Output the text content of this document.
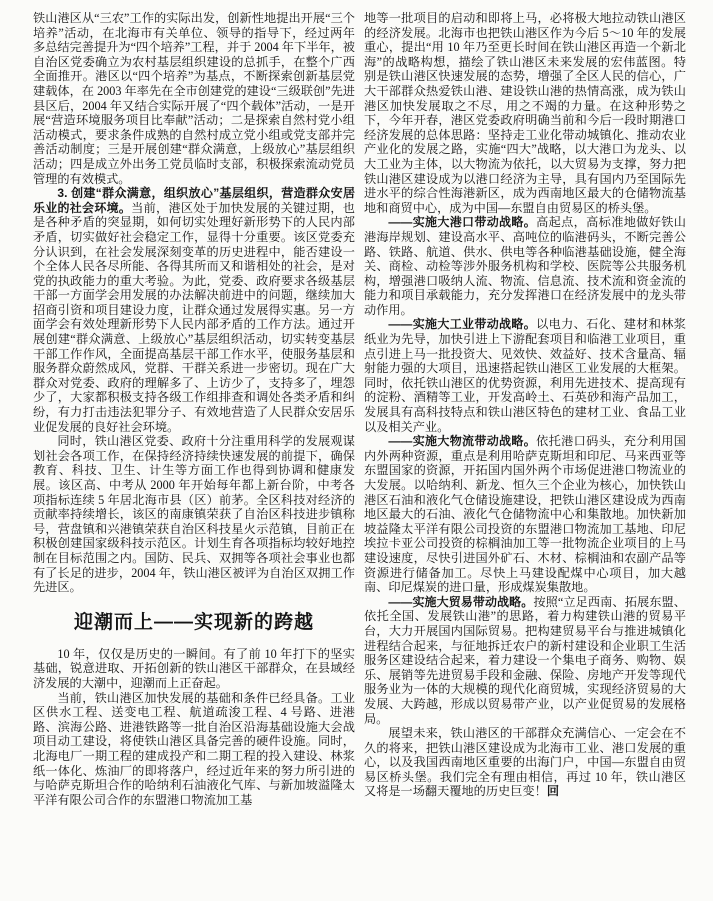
铁山港区从“三农”工作的实际出发，创新性地提出开展“三个培养”活动，在北海市有关单位、领导的指导下，经过两年多总结完善提升为“四个培养”工程，并于 2004 年下半年，被自治区党委确立为农村基层组织建设的总抓手，在整个广西全面推开。港区以“四个培养”为基点，不断探索创新基层党建载体，在 2003 年率先在全市创建党的建设“三级联创”先进县区后，2004 年又结合实际开展了“四个载体”活动，一是开展“营造环境服务项目比奉献”活动；二是探索自然村党小组活动模式，要求条件成熟的自然村成立党小组或党支部并完善活动制度；三是开展创建“群众满意，上级放心”基层组织活动；四是成立外出务工党员临时支部，积极探索流动党员管理的有效模式。

3. 创建“群众满意，组织放心”基层组织，营造群众安居乐业的社会环境。当前，港区处于加快发展的关键过期，也是各种矛盾的突显期，如何切实处理好新形势下的人民内部矛盾，切实做好社会稳定工作，显得十分重要。该区党委充分认识到，在社会发展深刻变革的历史进程中，能否建设一个全体人民各尽所能、各得其所而又和谐相处的社会，是对党的执政能力的重大考验。为此，党委、政府要求各级基层干部一方面学会用发展的办法解决前进中的问题，继续加大招商引资和项目建设力度，让群众通过发展得实惠。另一方面学会有效处理新形势下人民内部矛盾的工作方法。通过开展创建“群众满意、上级放心”基层组织活动，切实转变基层干部工作作风，全面提高基层干部工作水平，使服务基层和服务群众蔚然成风，党群、干群关系进一步密切。现在广大群众对党委、政府的理解多了、上访少了，支持多了，埋怨少了，大家都积极支持各级工作组排查和调处各类矛盾和纠纷，有力打击违法犯罪分子、有效地营造了人民群众安居乐业促发展的良好社会环境。

同时，铁山港区党委、政府十分注重用科学的发展观谋划社会各项工作，在保持经济持续快速发展的前提下，确保教育、科技、卫生、计生等方面工作也得到协调和健康发展。该区高、中考从 2000 年开始每年都上新台阶，中考各项指标连续 5 年居北海市县（区）前茅。全区科技对经济的贡献率持续增长，该区的南康镇荣获了自治区科技进步镇称号，营盘镇和兴港镇荣获自治区科技星火示范镇，目前正在积极创建国家级科技示范区。计划生育各项指标均较好地控制在目标范围之内。国防、民兵、双拥等各项社会事业也都有了长足的进步，2004 年，铁山港区被评为自治区双拥工作先进区。

迎潮而上——实现新的跨越

10 年，仅仅是历史的一瞬间。有了前 10 年打下的坚实基础，锐意进取、开拓创新的铁山港区干部群众，在县域经济发展的大潮中，迎潮而上正奋起。

当前，铁山港区加快发展的基础和条件已经具备。工业区供水工程、送变电工程、航道疏浚工程、4 号路、进港路、滨海公路、进港铁路等一批自治区沿海基础设施大会战项目动工建设，将使铁山港区具备完善的硬件设施。同时，北海电厂一期工程的建成投产和二期工程的投入建设、林浆纸一体化、炼油厂的即将落户，经过近年来的努力所引进的与哈萨克斯坦合作的哈纳利石油液化气库、与新加坡溢隆太平洋有限公司合作的东盟港口物流加工基

地等一批项目的启动和即将上马，必将极大地拉动铁山港区的经济发展。北海市也把铁山港区作为今后 5～10 年的发展重心，提出“用 10 年乃至更长时间在铁山港区再造一个新北海”的战略构想，描绘了铁山港区未来发展的宏伟蓝图。特别是铁山港区快速发展的态势，增强了全区人民的信心，广大干部群众热爱铁山港、建设铁山港的热情高涨，成为铁山港区加快发展取之不尽，用之不竭的力量。在这种形势之下，今年开春，港区党委政府明确当前和今后一段时期港口经济发展的总体思路：坚持走工业化带动城镇化、推动农业产业化的发展之路，实施“四大”战略，以大港口为龙头、以大工业为主体，以大物流为依托，以大贸易为支撑，努力把铁山港区建设成为以港口经济为主导，具有国内乃至国际先进水平的综合性海港新区，成为西南地区最大的仓储物流基地和商贸中心，成为中国—东盟自由贸易区的桥头堡。

——实施大港口带动战略。高起点，高标准地做好铁山港海岸规划、建设高水平、高吨位的临港码头，不断完善公路、铁路、航道、供水、供电等各种临港基础设施，健全海关、商检、动检等涉外服务机构和学校、医院等公共服务机构，增强港口吸纳人流、物流、信息流、技术流和资金流的能力和项目承载能力，充分发挥港口在经济发展中的龙头带动作用。

——实施大工业带动战略。以电力、石化、建材和林浆纸业为先导，加快引进上下游配套项目和临港工业项目，重点引进上马一批投资大、见效快、效益好、技术含量高、辐射能力强的大项目，迅速搭起铁山港区工业发展的大框架。同时，依托铁山港区的优势资源，利用先进技术、提高现有的淀粉、酒精等工业，开发高岭土、石英砂和海产品加工，发展具有高科技特点和铁山港区特色的建材工业、食品工业以及相关产业。

——实施大物流带动战略。依托港口码头，充分利用国内外两种资源，重点是利用哈萨克斯坦和印尼、马来西亚等东盟国家的资源，开拓国内国外两个市场促进港口物流业的大发展。以哈纳利、新龙、恒久三个企业为核心，加快铁山港区石油和液化气仓储设施建设，把铁山港区建设成为西南地区最大的石油、液化气仓储物流中心和集散地。加快新加坡益隆太平洋有限公司投资的东盟港口物流加工基地、印尼埃拉卡亚公司投资的棕榈油加工等一批物流企业项目的上马建设速度，尽快引进国外矿石、木材、棕榈油和农副产品等资源进行储备加工。尽快上马建设配煤中心项目，加大越南、印尼煤炭的进口量，形成煤炭集散地。

——实施大贸易带动战略。按照“立足西南、拓展东盟、依托全国、发展铁山港”的思路，着力构建铁山港的贸易平台，大力开展国内国际贸易。把构建贸易平台与推进城镇化进程结合起来，与征地拆迁农户的新村建设和企业职工生活服务区建设结合起来，着力建设一个集电子商务、购物、娱乐、展销等先进贸易手段和金融、保险、房地产开发等现代服务业为一体的大规模的现代化商贸城，实现经济贸易的大发展、大跨越，形成以贸易带产业，以产业促贸易的发展格局。

展望未来，铁山港区的干部群众充满信心、一定会在不久的将来，把铁山港区建设成为北海市工业、港口发展的重心，以及我国西南地区重要的出海门户，中国—东盟自由贸易区桥头堡。我们完全有理由相信，再过 10 年，铁山港区又将是一场翻天覆地的历史巨变！回
